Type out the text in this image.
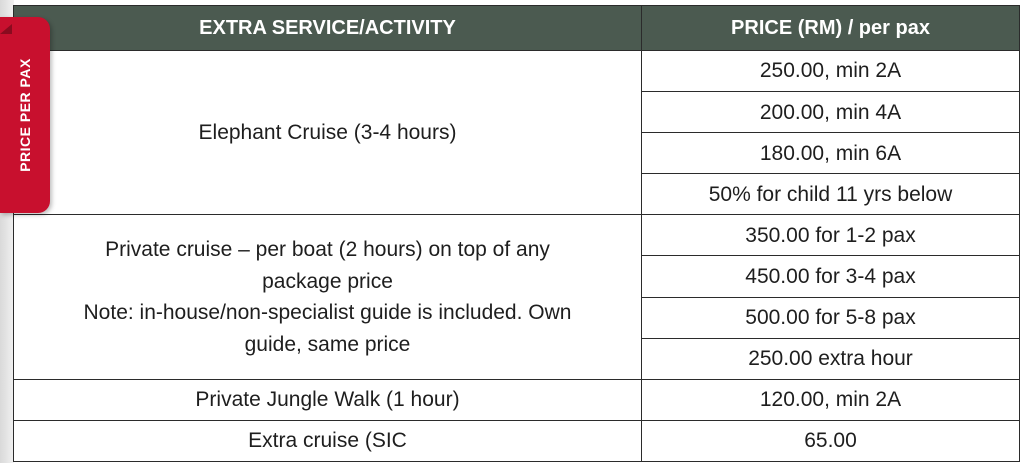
EXTRA SERVICE/ACTIVITY	PRICE (RM) / per pax
Elephant Cruise (3-4 hours)	250.00, min 2A
	200.00, min 4A
	180.00, min 6A
	50% for child 11 yrs below

Private cruise – per boat (2 hours) on top of any
package price
Note: in-house/non-specialist guide is included. Own
guide, same price	350.00 for 1-2 pax
	450.00 for 3-4 pax
	500.00 for 5-8 pax
	250.00 extra hour
Private Jungle Walk (1 hour)	120.00, min 2A
Extra cruise (SIC	65.00
PRICE PER PAX
